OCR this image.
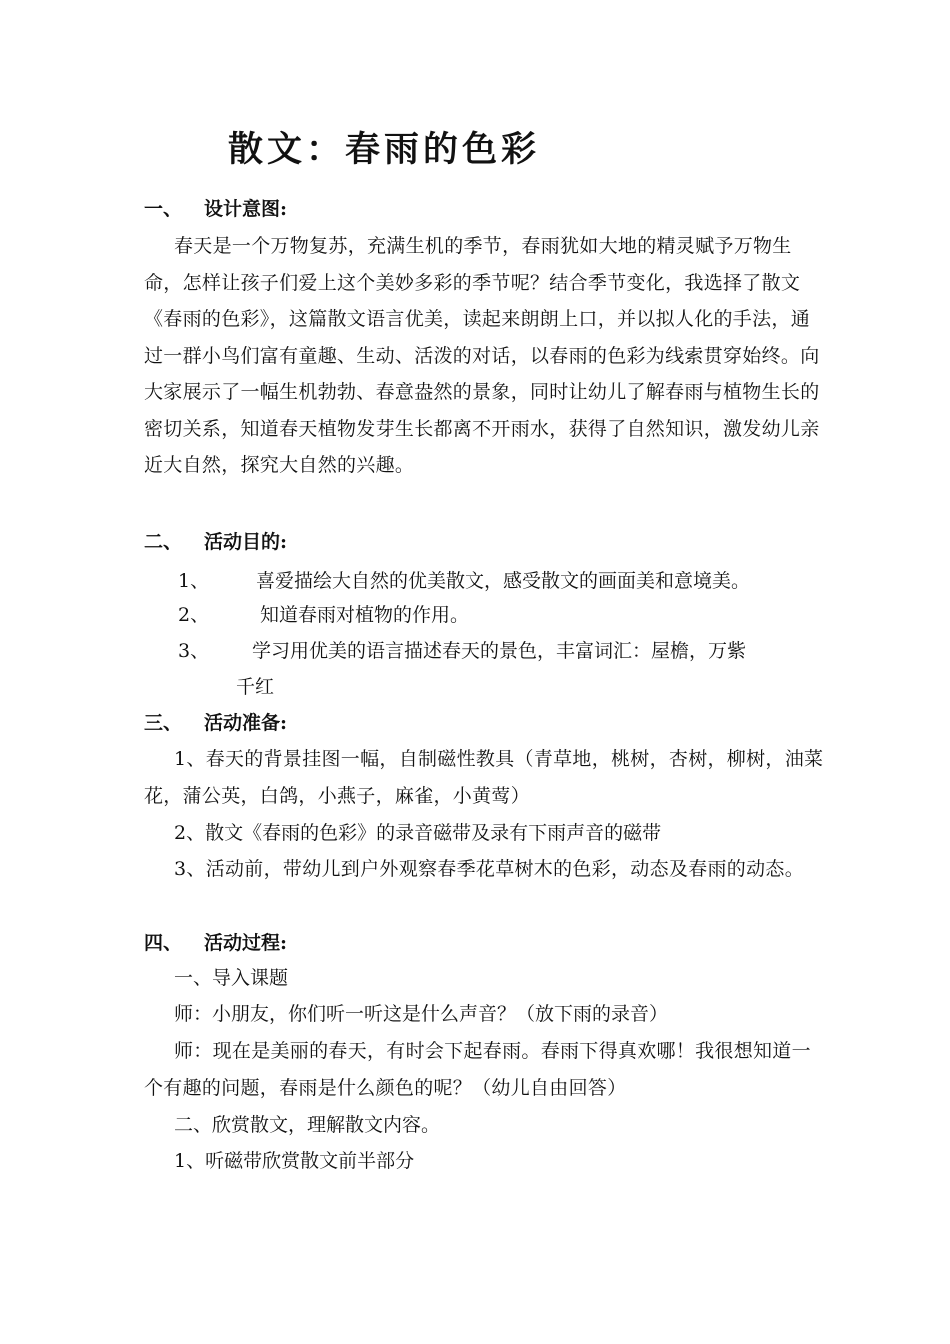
散文：春雨的色彩
一、 设计意图:

春天是一个万物复苏，充满生机的季节，春雨犹如大地的精灵赋予万物生命，怎样让孩子们爱上这个美妙多彩的季节呢？结合季节变化，我选择了散文《春雨的色彩》，这篇散文语言优美，读起来朗朗上口，并以拟人化的手法，通过一群小鸟们富有童趣、生动、活泼的对话，以春雨的色彩为线索贯穿始终。向大家展示了一幅生机勃勃、春意盎然的景象，同时让幼儿了解春雨与植物生长的密切关系，知道春天植物发芽生长都离不开雨水，获得了自然知识，激发幼儿亲近大自然，探究大自然的兴趣。

二、 活动目的:
1、 喜爱描绘大自然的优美散文，感受散文的画面美和意境美。
2、	知道春雨对植物的作用。
3、 学习用优美的语言描述春天的景色，丰富词汇：屋檐，万紫
千红
三、 活动准备:

1、春天的背景挂图一幅，自制磁性教具（青草地，桃树，杏树，柳树，油菜花，蒲公英，白鸽，小燕子，麻雀，小黄莺）

2、散文《春雨的色彩》的录音磁带及录有下雨声音的磁带

3、活动前，带幼儿到户外观察春季花草树木的色彩，动态及春雨的动态。

四、 活动过程:
一、导入课题
师：小朋友，你们听一听这是什么声音？（放下雨的录音）

师：现在是美丽的春天，有时会下起春雨。春雨下得真欢哪！我很想知道一个有趣的问题，春雨是什么颜色的呢？（幼儿自由回答）

二、欣赏散文，理解散文内容。
1、听磁带欣赏散文前半部分
